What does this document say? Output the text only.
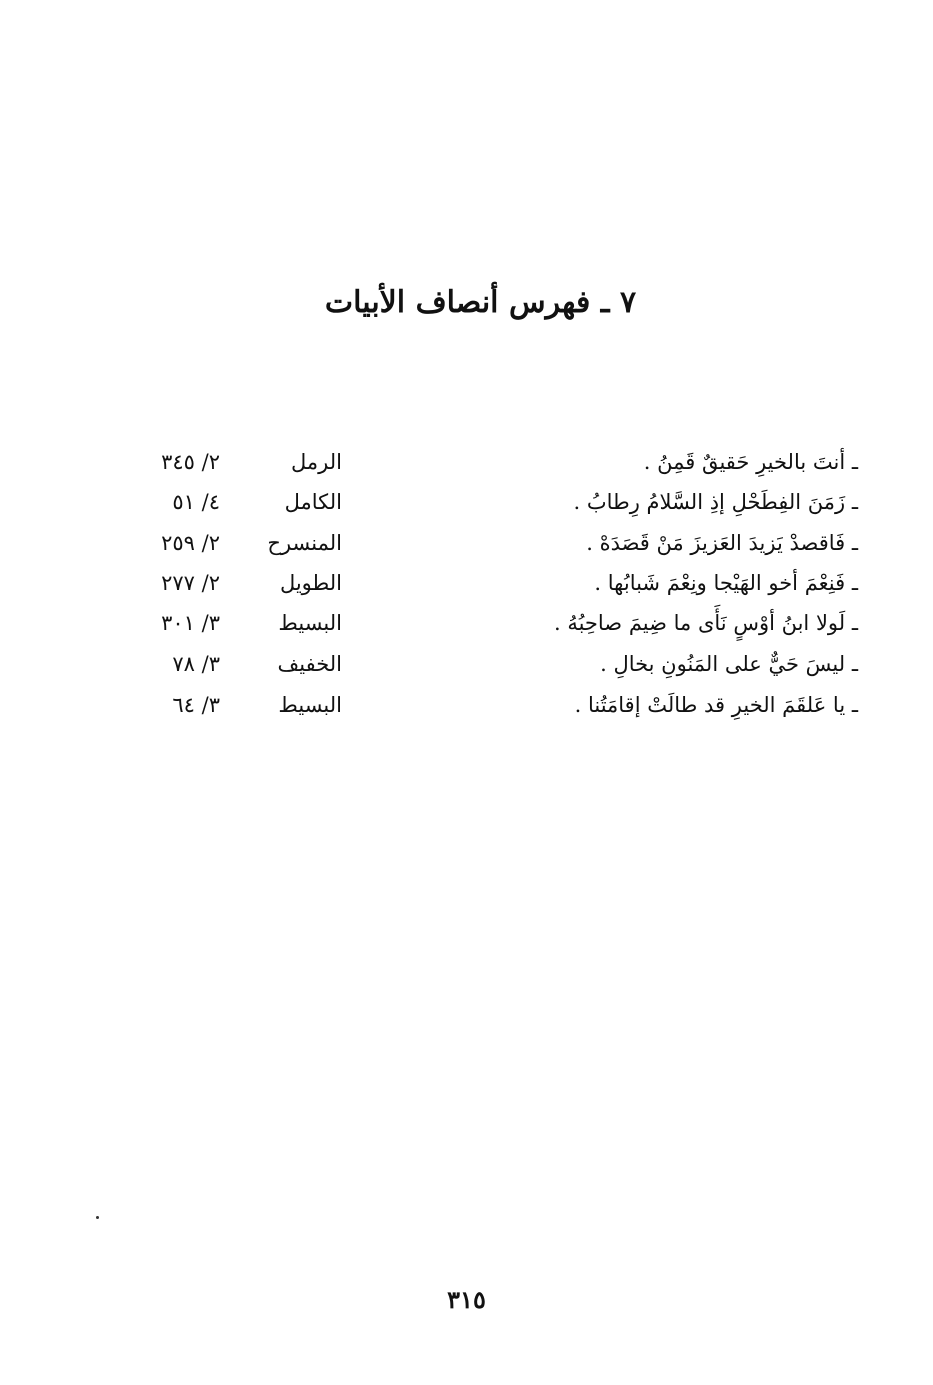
٧ ـ فهرس أنصاف الأبيات
ـ أنتَ بالخيرِ حَقيقٌ قَمِنُ .
الرمل
٢/ ٣٤٥
ـ زَمَنَ الفِطَحْلِ إذِ السَّلامُ رِطابُ .
الكامل
٤/ ٥١
ـ فَاقصدْ يَزيدَ العَزيزَ مَنْ قَصَدَهْ .
المنسرح
٢/ ٢٥٩
ـ فَنِعْمَ أخو الهَيْجا ونِعْمَ شَبابُها .
الطويل
٢/ ٢٧٧
ـ لَولا ابنُ أوْسٍ نَأَى ما ضِيمَ صاحِبُهُ .
البسيط
٣/ ٣٠١
ـ ليسَ حَيٌّ على المَنُونِ بخالِ .
الخفيف
٣/ ٧٨
ـ يا عَلقَمَ الخيرِ قد طالَتْ إقامَتُنا .
البسيط
٣/ ٦٤
٣١٥
